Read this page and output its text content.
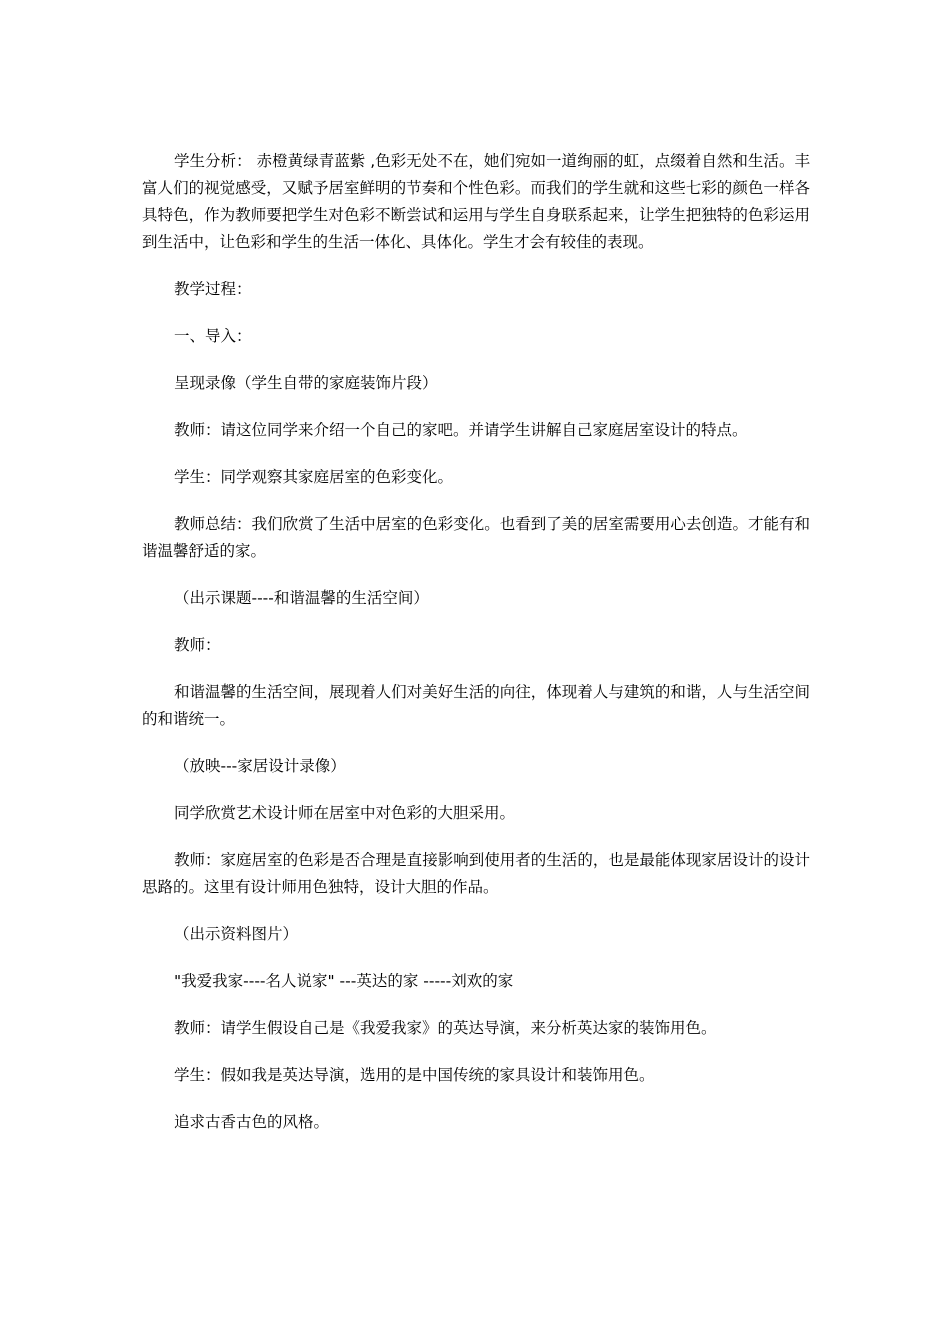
学生分析： 赤橙黄绿青蓝紫 ,色彩无处不在，她们宛如一道绚丽的虹，点缀着自然和生活。丰富人们的视觉感受，又赋予居室鲜明的节奏和个性色彩。而我们的学生就和这些七彩的颜色一样各具特色，作为教师要把学生对色彩不断尝试和运用与学生自身联系起来，让学生把独特的色彩运用到生活中，让色彩和学生的生活一体化、具体化。学生才会有较佳的表现。

教学过程：

一、导入：

呈现录像（学生自带的家庭装饰片段）

教师：请这位同学来介绍一个自己的家吧。并请学生讲解自己家庭居室设计的特点。

学生：同学观察其家庭居室的色彩变化。

教师总结：我们欣赏了生活中居室的色彩变化。也看到了美的居室需要用心去创造。才能有和谐温馨舒适的家。

（出示课题----和谐温馨的生活空间）

教师：

和谐温馨的生活空间，展现着人们对美好生活的向往，体现着人与建筑的和谐，人与生活空间的和谐统一。

（放映---家居设计录像）

同学欣赏艺术设计师在居室中对色彩的大胆采用。

教师：家庭居室的色彩是否合理是直接影响到使用者的生活的，也是最能体现家居设计的设计思路的。这里有设计师用色独特，设计大胆的作品。

（出示资料图片）

"我爱我家----名人说家" ---英达的家 -----刘欢的家

教师：请学生假设自己是《我爱我家》的英达导演，来分析英达家的装饰用色。

学生：假如我是英达导演，选用的是中国传统的家具设计和装饰用色。

追求古香古色的风格。
